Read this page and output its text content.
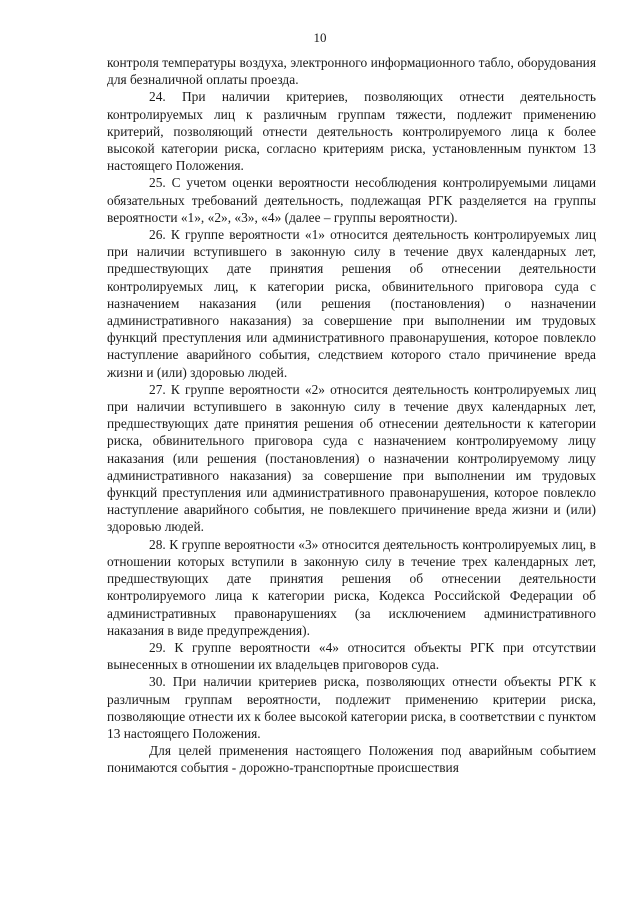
10

контроля температуры воздуха, электронного информационного табло, оборудования для безналичной оплаты проезда.

24. При наличии критериев, позволяющих отнести деятельность контролируемых лиц к различным группам тяжести, подлежит применению критерий, позволяющий отнести деятельность контролируемого лица к более высокой категории риска, согласно критериям риска, установленным пунктом 13 настоящего Положения.

25. С учетом оценки вероятности несоблюдения контролируемыми лицами обязательных требований деятельность, подлежащая РГК разделяется на группы вероятности «1», «2», «3», «4» (далее – группы вероятности).

26. К группе вероятности «1» относится деятельность контролируемых лиц при наличии вступившего в законную силу в течение двух календарных лет, предшествующих дате принятия решения об отнесении деятельности контролируемых лиц, к категории риска, обвинительного приговора суда с назначением наказания (или решения (постановления) о назначении административного наказания) за совершение при выполнении им трудовых функций преступления или административного правонарушения, которое повлекло наступление аварийного события, следствием которого стало причинение вреда жизни и (или) здоровью людей.

27. К группе вероятности «2» относится деятельность контролируемых лиц при наличии вступившего в законную силу в течение двух календарных лет, предшествующих дате принятия решения об отнесении деятельности к категории риска, обвинительного приговора суда с назначением контролируемому лицу наказания (или решения (постановления) о назначении контролируемому лицу административного наказания) за совершение при выполнении им трудовых функций преступления или административного правонарушения, которое повлекло наступление аварийного события, не повлекшего причинение вреда жизни и (или) здоровью людей.

28. К группе вероятности «3» относится деятельность контролируемых лиц, в отношении которых вступили в законную силу в течение трех календарных лет, предшествующих дате принятия решения об отнесении деятельности контролируемого лица к категории риска, Кодекса Российской Федерации об административных правонарушениях (за исключением административного наказания в виде предупреждения).

29. К группе вероятности «4» относится объекты РГК при отсутствии вынесенных в отношении их владельцев приговоров суда.

30. При наличии критериев риска, позволяющих отнести объекты РГК к различным группам вероятности, подлежит применению критерии риска, позволяющие отнести их к более высокой категории риска, в соответствии с пунктом 13 настоящего Положения.

Для целей применения настоящего Положения под аварийным событием понимаются события - дорожно-транспортные происшествия
